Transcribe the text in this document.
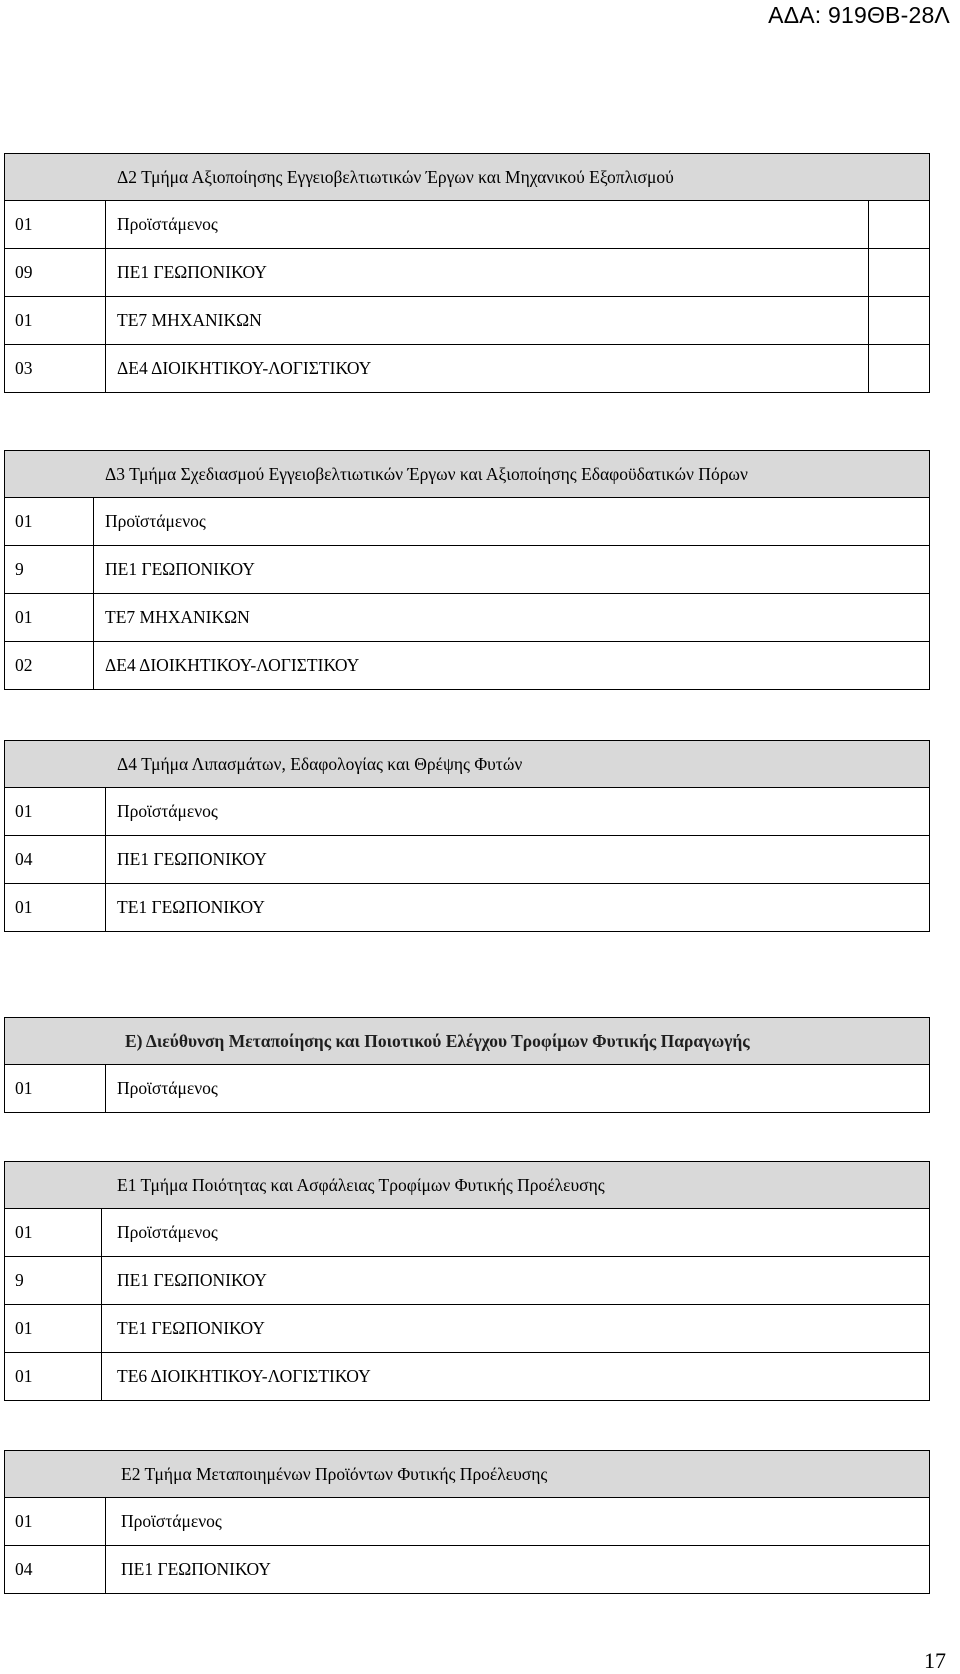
ΑΔΑ: 919ΘΒ-28Λ
Δ2 Τμήμα Αξιοποίησης Εγγειοβελτιωτικών Έργων και Μηχανικού Εξοπλισμού
01	Προϊστάμενος
09	ΠΕ1 ΓΕΩΠΟΝΙΚΟΥ
01	ΤΕ7 ΜΗΧΑΝΙΚΩΝ
03	ΔΕ4 ΔΙΟΙΚΗΤΙΚΟΥ-ΛΟΓΙΣΤΙΚΟΥ
Δ3 Τμήμα Σχεδιασμού Εγγειοβελτιωτικών Έργων και Αξιοποίησης Εδαφοϋδατικών Πόρων
01	Προϊστάμενος
9	ΠΕ1 ΓΕΩΠΟΝΙΚΟΥ
01	ΤΕ7 ΜΗΧΑΝΙΚΩΝ
02	ΔΕ4 ΔΙΟΙΚΗΤΙΚΟΥ-ΛΟΓΙΣΤΙΚΟΥ
Δ4 Τμήμα Λιπασμάτων, Εδαφολογίας και Θρέψης Φυτών
01	Προϊστάμενος
04	ΠΕ1 ΓΕΩΠΟΝΙΚΟΥ
01	ΤΕ1 ΓΕΩΠΟΝΙΚΟΥ
Ε) Διεύθυνση Μεταποίησης και Ποιοτικού Ελέγχου Τροφίμων Φυτικής Παραγωγής
01	Προϊστάμενος
Ε1 Τμήμα Ποιότητας και Ασφάλειας Τροφίμων Φυτικής Προέλευσης
01	Προϊστάμενος
9	ΠΕ1 ΓΕΩΠΟΝΙΚΟΥ
01	ΤΕ1 ΓΕΩΠΟΝΙΚΟΥ
01	ΤΕ6 ΔΙΟΙΚΗΤΙΚΟΥ-ΛΟΓΙΣΤΙΚΟΥ
Ε2 Τμήμα Μεταποιημένων Προϊόντων Φυτικής Προέλευσης
01	Προϊστάμενος
04	ΠΕ1 ΓΕΩΠΟΝΙΚΟΥ
17
